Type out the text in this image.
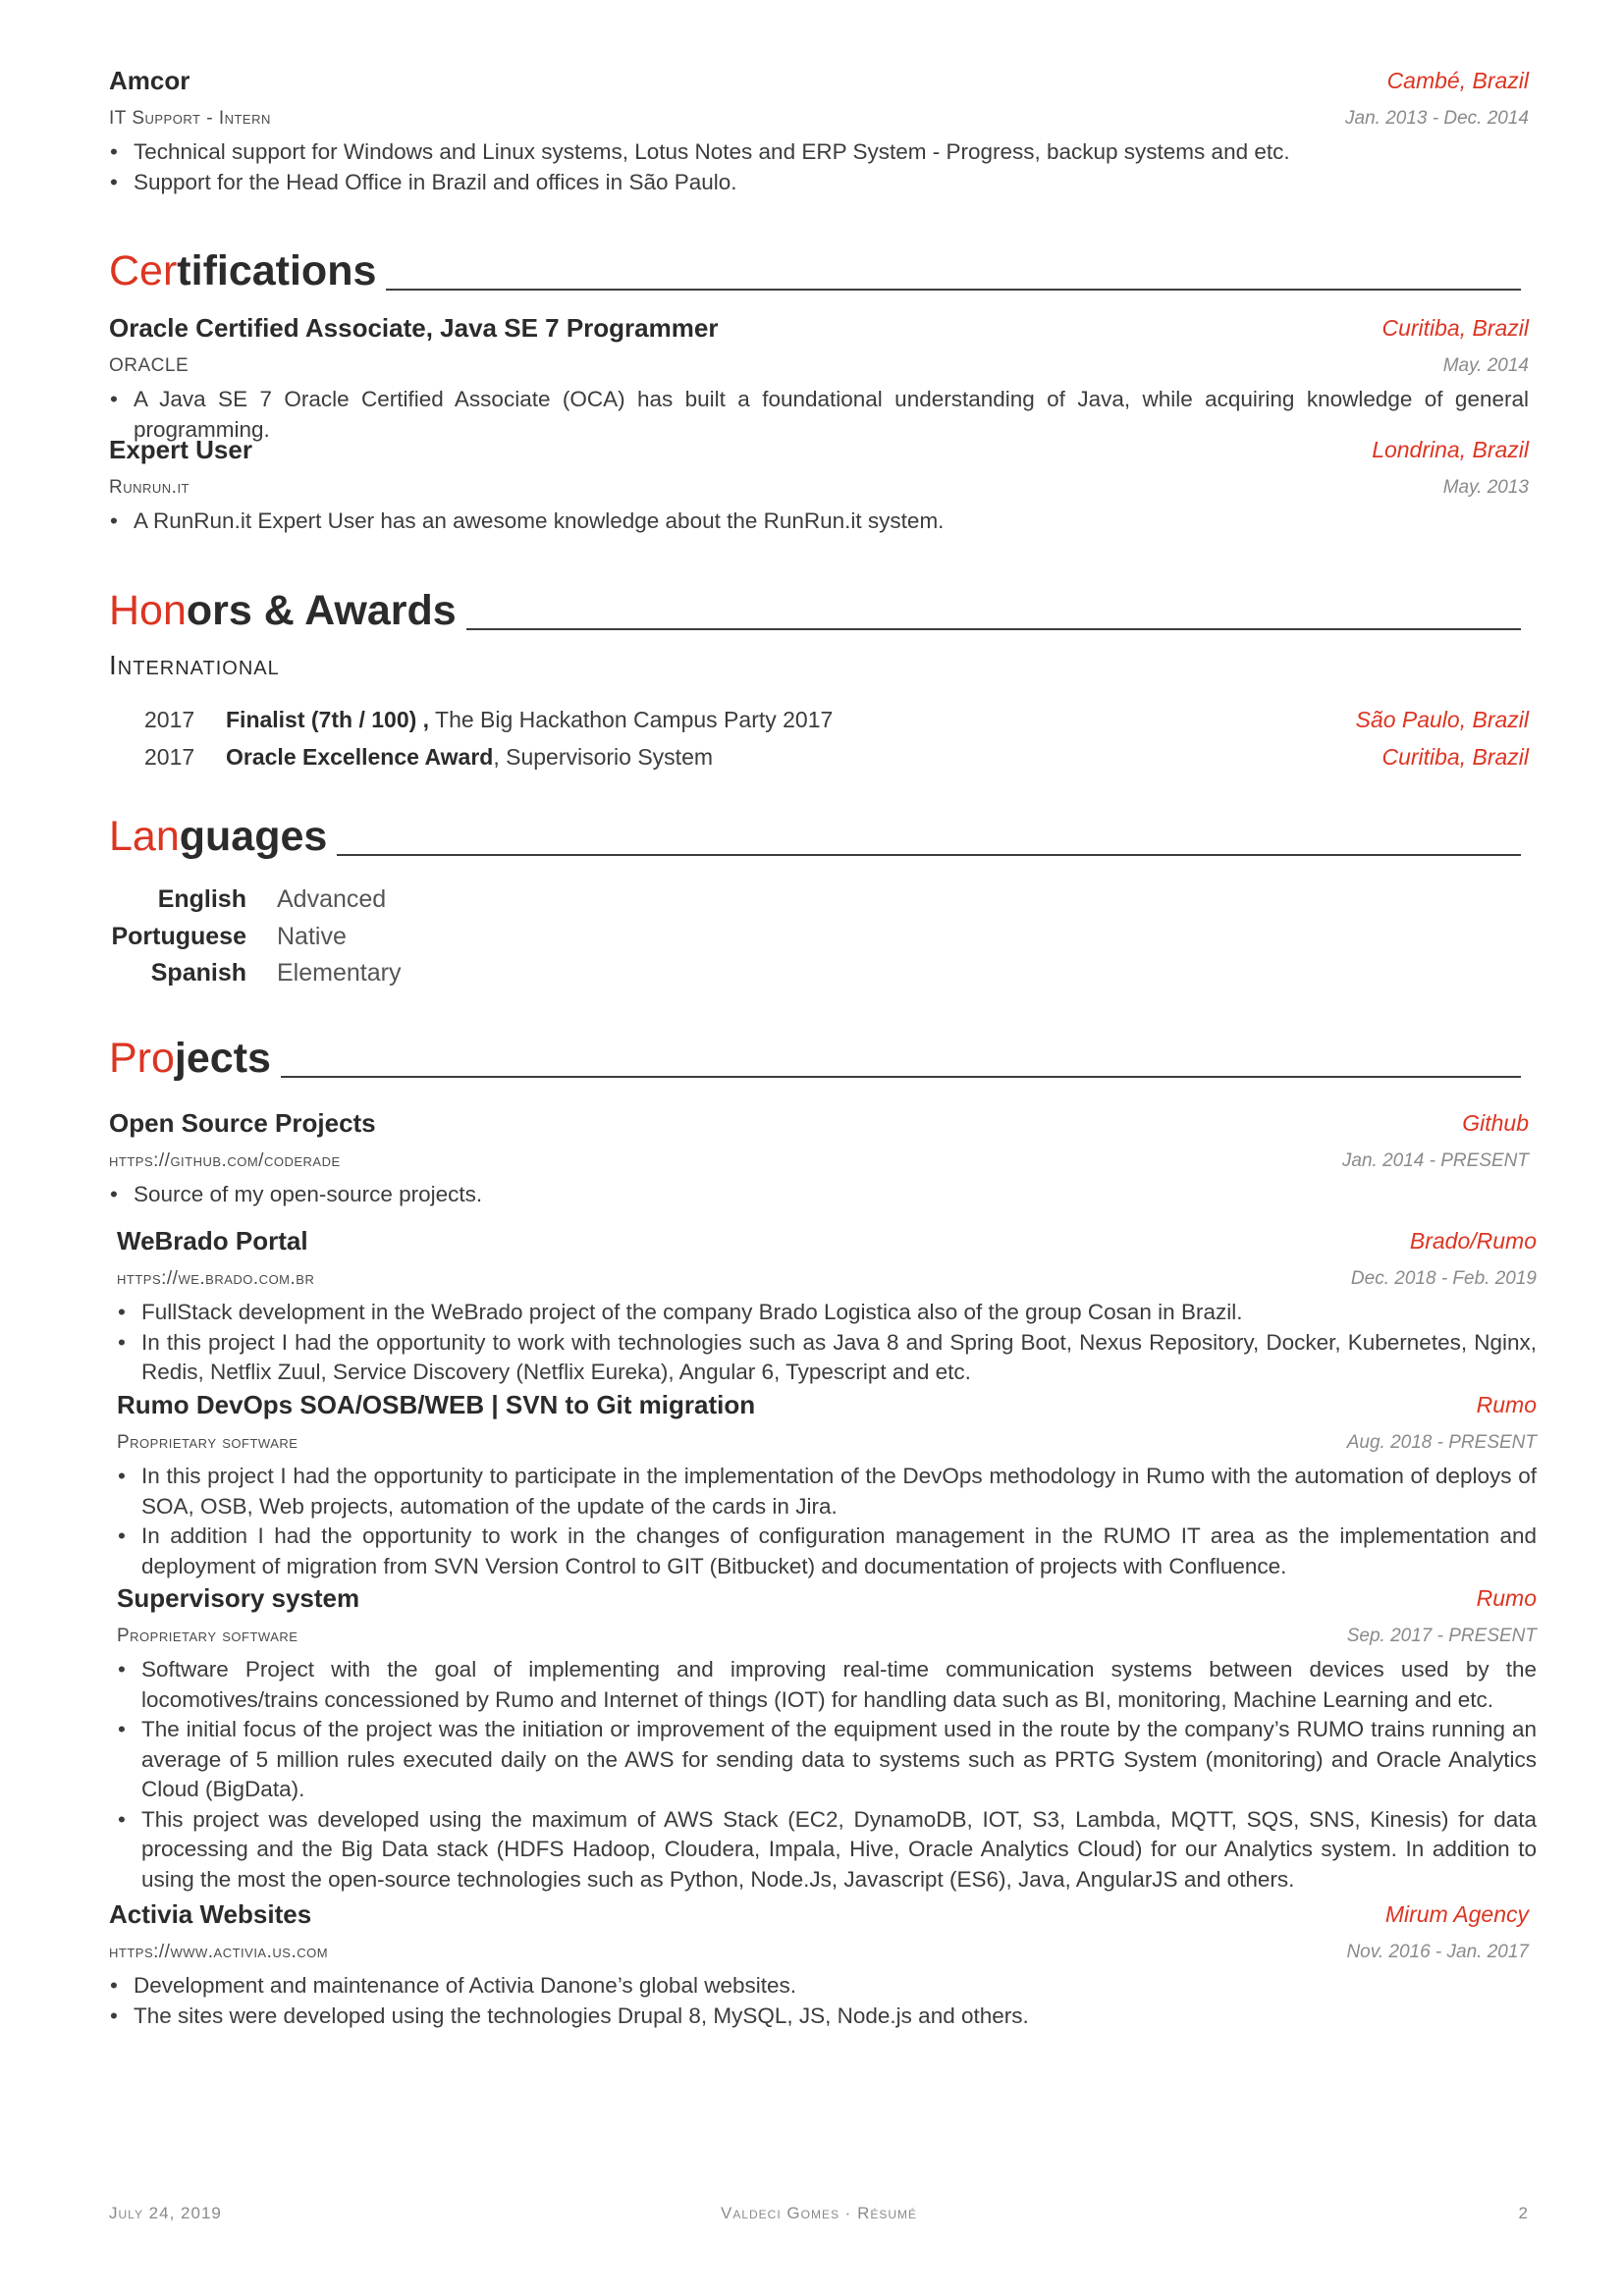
Amcor	Cambé, Brazil
IT Support - Intern	Jan. 2013 - Dec. 2014
• Technical support for Windows and Linux systems, Lotus Notes and ERP System - Progress, backup systems and etc.
• Support for the Head Office in Brazil and offices in São Paulo.
Certifications
Oracle Certified Associate, Java SE 7 Programmer	Curitiba, Brazil
ORACLE	May. 2014
• A Java SE 7 Oracle Certified Associate (OCA) has built a foundational understanding of Java, while acquiring knowledge of general programming.
Expert User	Londrina, Brazil
Runrun.it	May. 2013
• A RunRun.it Expert User has an awesome knowledge about the RunRun.it system.
Honors & Awards
International
2017 Finalist (7th / 100) , The Big Hackathon Campus Party 2017	São Paulo, Brazil
2017 Oracle Excellence Award, Supervisorio System	Curitiba, Brazil
Languages
English Advanced
Portuguese Native
Spanish Elementary
Projects
Open Source Projects	Github
https://github.com/coderade	Jan. 2014 - PRESENT
• Source of my open-source projects.
WeBrado Portal	Brado/Rumo
https://we.brado.com.br	Dec. 2018 - Feb. 2019
• FullStack development in the WeBrado project of the company Brado Logistica also of the group Cosan in Brazil.
• In this project I had the opportunity to work with technologies such as Java 8 and Spring Boot, Nexus Repository, Docker, Kubernetes, Nginx, Redis, Netflix Zuul, Service Discovery (Netflix Eureka), Angular 6, Typescript and etc.
Rumo DevOps SOA/OSB/WEB | SVN to Git migration	Rumo
Proprietary software	Aug. 2018 - PRESENT
• In this project I had the opportunity to participate in the implementation of the DevOps methodology in Rumo with the automation of deploys of SOA, OSB, Web projects, automation of the update of the cards in Jira.
• In addition I had the opportunity to work in the changes of configuration management in the RUMO IT area as the implementation and deployment of migration from SVN Version Control to GIT (Bitbucket) and documentation of projects with Confluence.
Supervisory system	Rumo
Proprietary software	Sep. 2017 - PRESENT
• Software Project with the goal of implementing and improving real-time communication systems between devices used by the locomotives/trains concessioned by Rumo and Internet of things (IOT) for handling data such as BI, monitoring, Machine Learning and etc.
• The initial focus of the project was the initiation or improvement of the equipment used in the route by the company’s RUMO trains running an average of 5 million rules executed daily on the AWS for sending data to systems such as PRTG System (monitoring) and Oracle Analytics Cloud (BigData).
• This project was developed using the maximum of AWS Stack (EC2, DynamoDB, IOT, S3, Lambda, MQTT, SQS, SNS, Kinesis) for data processing and the Big Data stack (HDFS Hadoop, Cloudera, Impala, Hive, Oracle Analytics Cloud) for our Analytics system. In addition to using the most the open-source technologies such as Python, Node.Js, Javascript (ES6), Java, AngularJS and others.
Activia Websites	Mirum Agency
https://www.activia.us.com	Nov. 2016 - Jan. 2017
• Development and maintenance of Activia Danone’s global websites.
• The sites were developed using the technologies Drupal 8, MySQL, JS, Node.js and others.
July 24, 2019	Valdeci Gomes · Résumé	2
